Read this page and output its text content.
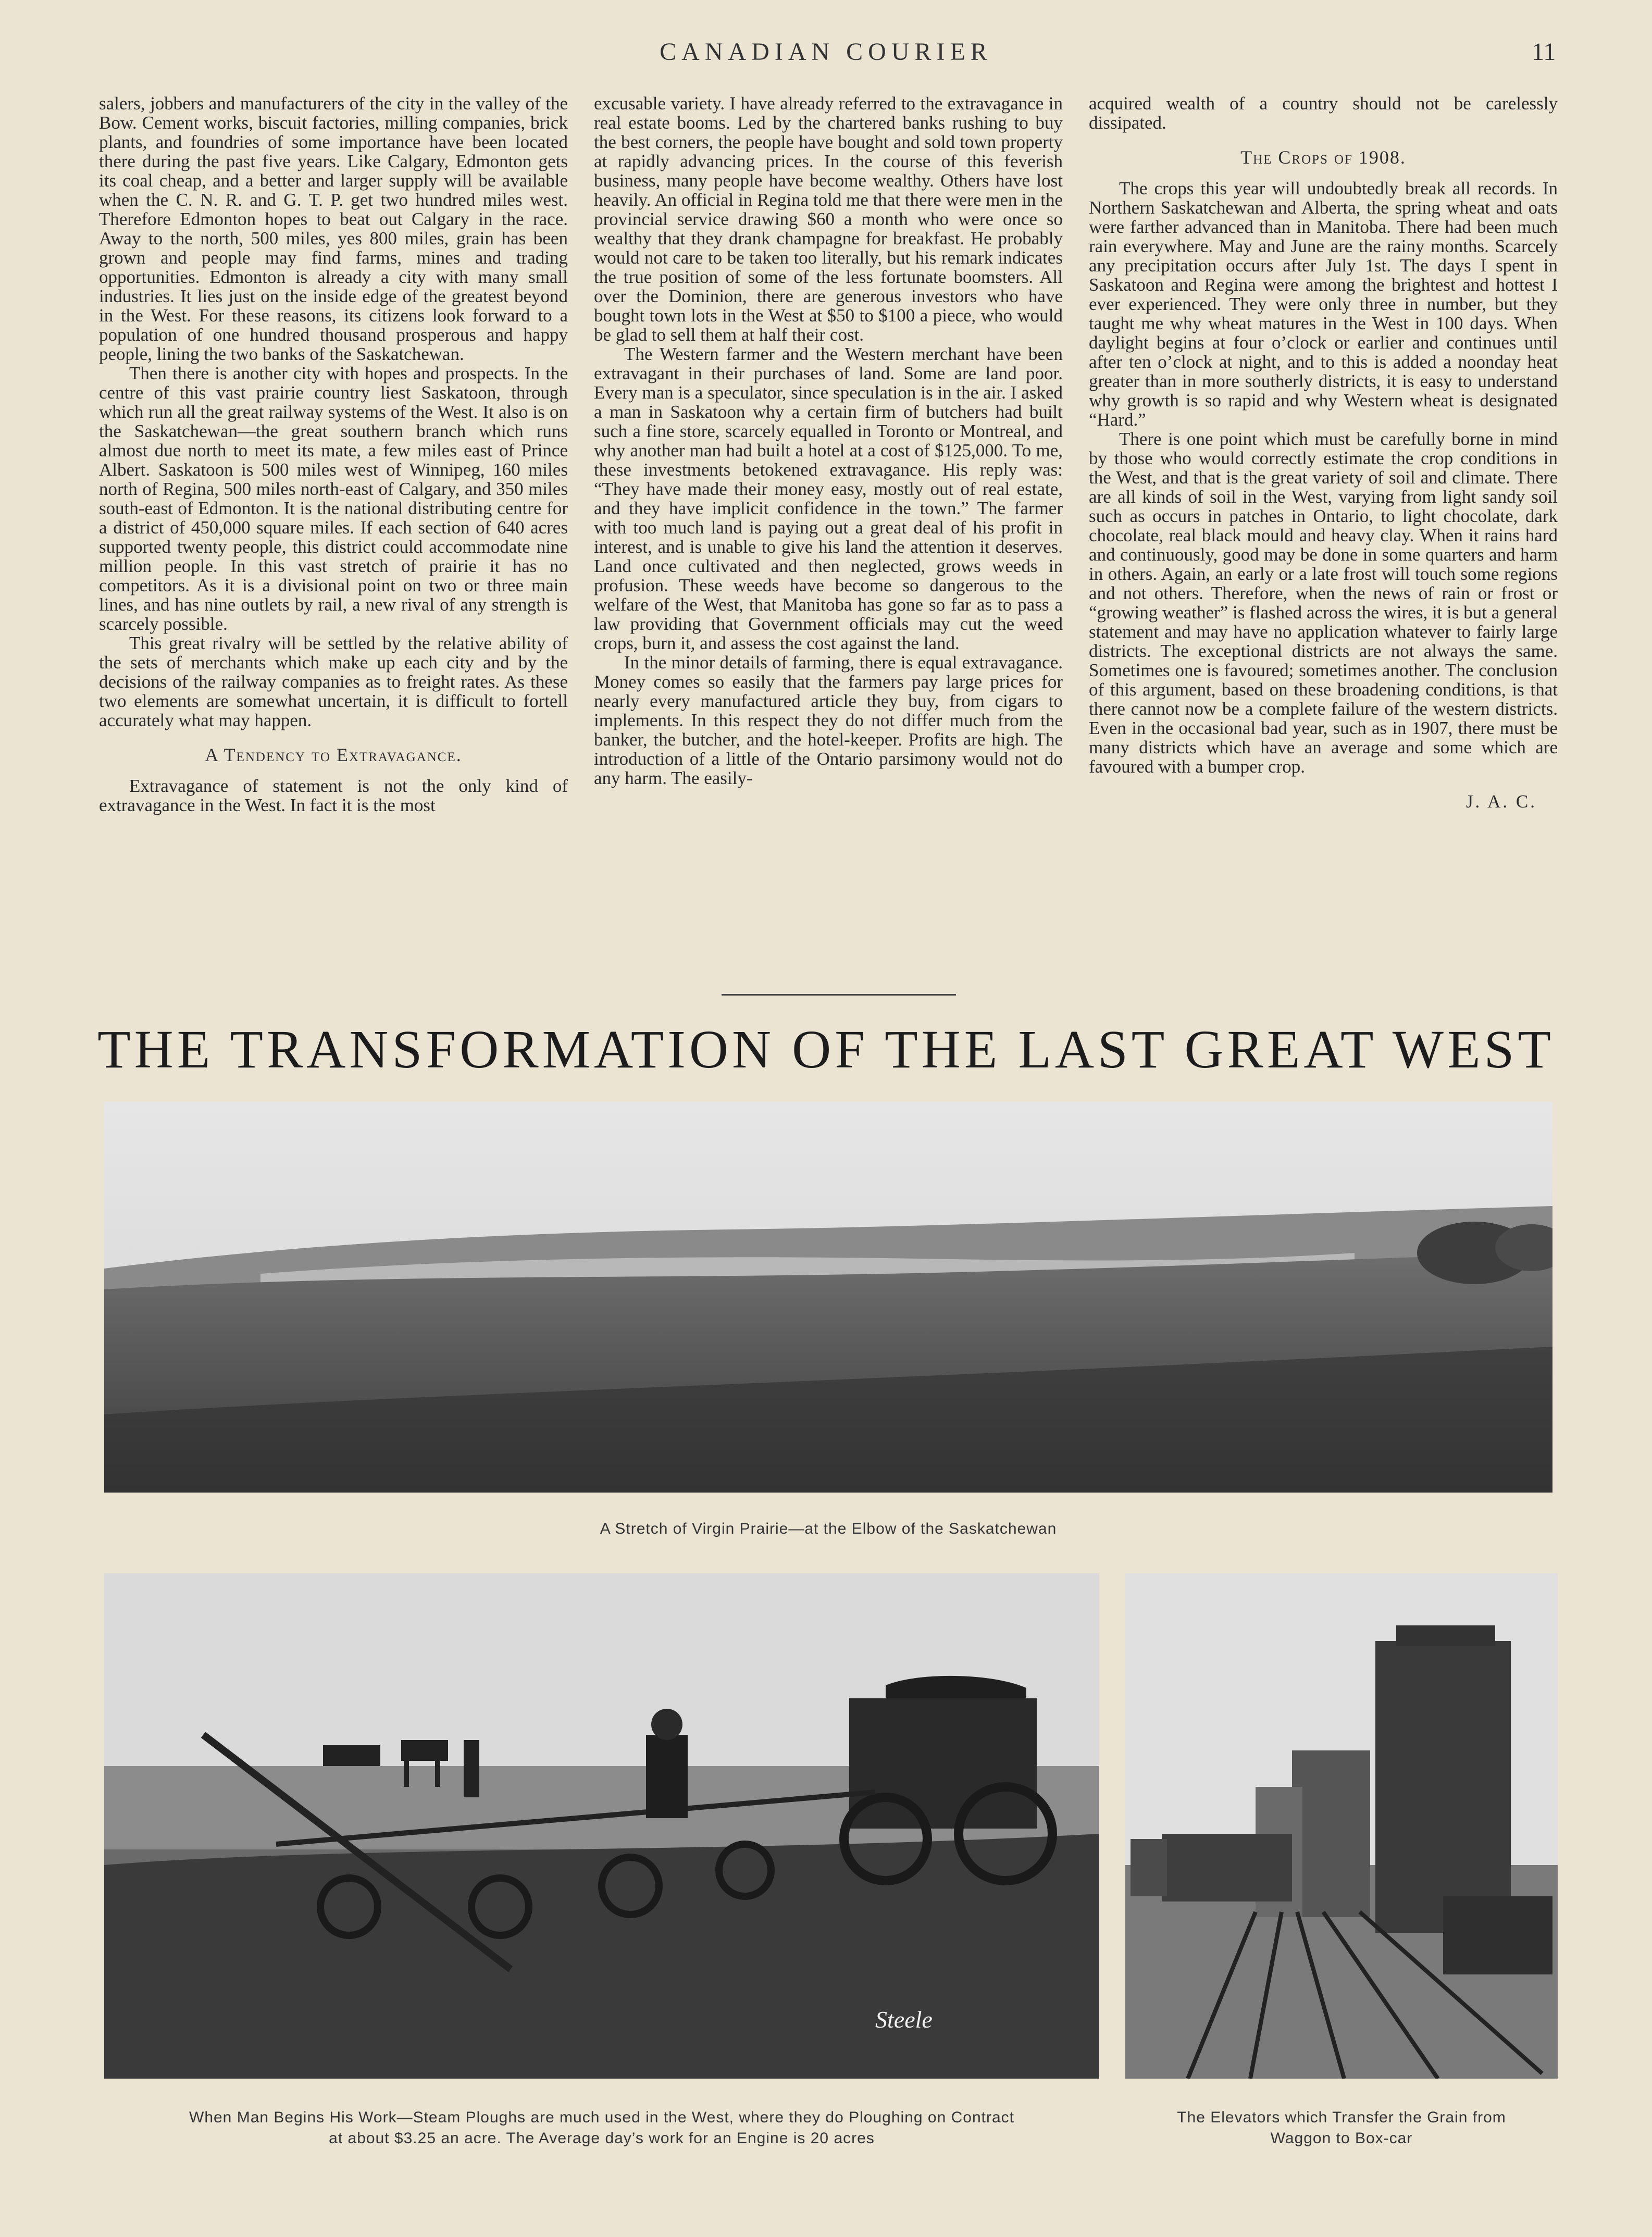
CANADIAN COURIER	11

salers, jobbers and manufacturers of the city in the valley of the Bow. Cement works, biscuit factories, milling companies, brick plants, and foundries of some importance have been located there during the past five years. Like Calgary, Edmonton gets its coal cheap, and a better and larger supply will be available when the C. N. R. and G. T. P. get two hundred miles west. Therefore Edmonton hopes to beat out Calgary in the race. Away to the north, 500 miles, yes 800 miles, grain has been grown and people may find farms, mines and trading opportunities. Edmonton is already a city with many small industries. It lies just on the inside edge of the greatest beyond in the West. For these reasons, its citizens look forward to a population of one hundred thousand prosperous and happy people, lining the two banks of the Saskatchewan.

Then there is another city with hopes and prospects. In the centre of this vast prairie country liest Saskatoon, through which run all the great railway systems of the West. It also is on the Saskatchewan—the great southern branch which runs almost due north to meet its mate, a few miles east of Prince Albert. Saskatoon is 500 miles west of Winnipeg, 160 miles north of Regina, 500 miles north-east of Calgary, and 350 miles south-east of Edmonton. It is the national distributing centre for a district of 450,000 square miles. If each section of 640 acres supported twenty people, this district could accommodate nine million people. In this vast stretch of prairie it has no competitors. As it is a divisional point on two or three main lines, and has nine outlets by rail, a new rival of any strength is scarcely possible.

This great rivalry will be settled by the relative ability of the sets of merchants which make up each city and by the decisions of the railway companies as to freight rates. As these two elements are somewhat uncertain, it is difficult to fortell accurately what may happen.

A Tendency to Extravagance.

Extravagance of statement is not the only kind of extravagance in the West. In fact it is the most

excusable variety. I have already referred to the extravagance in real estate booms. Led by the chartered banks rushing to buy the best corners, the people have bought and sold town property at rapidly advancing prices. In the course of this feverish business, many people have become wealthy. Others have lost heavily. An official in Regina told me that there were men in the provincial service drawing $60 a month who were once so wealthy that they drank champagne for breakfast. He probably would not care to be taken too literally, but his remark indicates the true position of some of the less fortunate boomsters. All over the Dominion, there are generous investors who have bought town lots in the West at $50 to $100 a piece, who would be glad to sell them at half their cost.

The Western farmer and the Western merchant have been extravagant in their purchases of land. Some are land poor. Every man is a speculator, since speculation is in the air. I asked a man in Saskatoon why a certain firm of butchers had built such a fine store, scarcely equalled in Toronto or Montreal, and why another man had built a hotel at a cost of $125,000. To me, these investments betokened extravagance. His reply was: “They have made their money easy, mostly out of real estate, and they have implicit confidence in the town.” The farmer with too much land is paying out a great deal of his profit in interest, and is unable to give his land the attention it deserves. Land once cultivated and then neglected, grows weeds in profusion. These weeds have become so dangerous to the welfare of the West, that Manitoba has gone so far as to pass a law providing that Government officials may cut the weed crops, burn it, and assess the cost against the land.

In the minor details of farming, there is equal extravagance. Money comes so easily that the farmers pay large prices for nearly every manufactured article they buy, from cigars to implements. In this respect they do not differ much from the banker, the butcher, and the hotel-keeper. Profits are high. The introduction of a little of the Ontario parsimony would not do any harm. The easily-

acquired wealth of a country should not be carelessly dissipated.

The Crops of 1908.

The crops this year will undoubtedly break all records. In Northern Saskatchewan and Alberta, the spring wheat and oats were farther advanced than in Manitoba. There had been much rain everywhere. May and June are the rainy months. Scarcely any precipitation occurs after July 1st. The days I spent in Saskatoon and Regina were among the brightest and hottest I ever experienced. They were only three in number, but they taught me why wheat matures in the West in 100 days. When daylight begins at four o’clock or earlier and continues until after ten o’clock at night, and to this is added a noonday heat greater than in more southerly districts, it is easy to understand why growth is so rapid and why Western wheat is designated “Hard.”

There is one point which must be carefully borne in mind by those who would correctly estimate the crop conditions in the West, and that is the great variety of soil and climate. There are all kinds of soil in the West, varying from light sandy soil such as occurs in patches in Ontario, to light chocolate, dark chocolate, real black mould and heavy clay. When it rains hard and continuously, good may be done in some quarters and harm in others. Again, an early or a late frost will touch some regions and not others. Therefore, when the news of rain or frost or “growing weather” is flashed across the wires, it is but a general statement and may have no application whatever to fairly large districts. The exceptional districts are not always the same. Sometimes one is favoured; sometimes another. The conclusion of this argument, based on these broadening conditions, is that there cannot now be a complete failure of the western districts. Even in the occasional bad year, such as in 1907, there must be many districts which have an average and some which are favoured with a bumper crop.

J. A. C.
THE TRANSFORMATION OF THE LAST GREAT WEST
A Stretch of Virgin Prairie—at the Elbow of the Saskatchewan
Steele
When Man Begins His Work—Steam Ploughs are much used in the West, where they do Ploughing on Contract
at about $3.25 an acre. The Average day’s work for an Engine is 20 acres
The Elevators which Transfer the Grain from
Waggon to Box-car
